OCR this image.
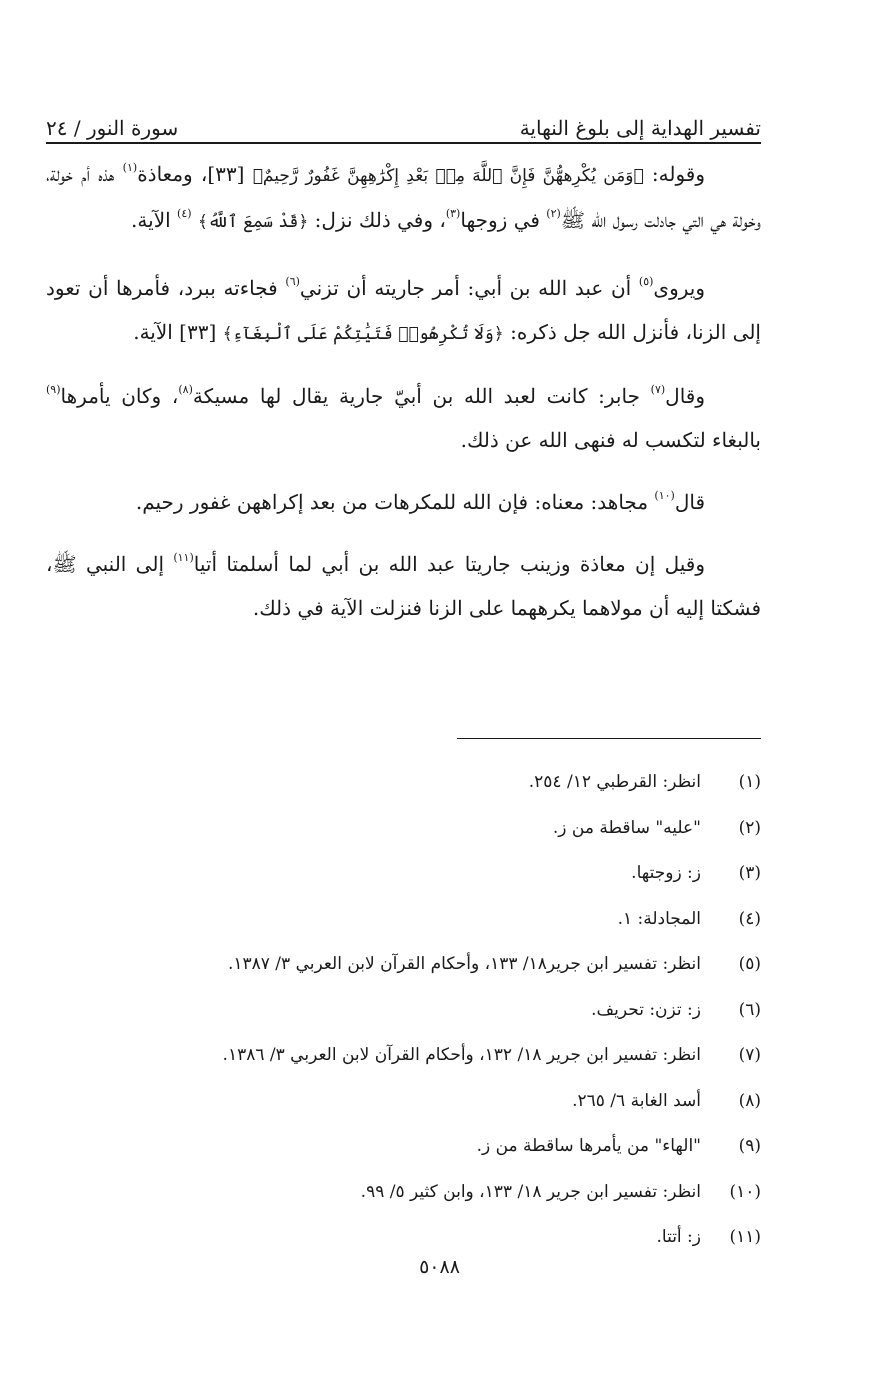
تفسير الهداية إلى بلوغ النهاية
سورة النور / ٢٤

وقوله: ﴿وَمَن يُكْرِههُّنَّ فَإِنَّ ٱللَّهَ مِنۢ بَعْدِ إِكْرَٰهِهِنَّ غَفُورٌ رَّحِيمٌ﴾ [٣٣]، ومعاذة$^{(١)}$ هذه أم خولة، وخولة هي التي جادلت رسول الله ﷺ$^{(٢)}$ في زوجها$^{(٣)}$، وفي ذلك نزل: ﴿قَدْ سَمِعَ ٱللَّهُ﴾ $^{(٤)}$ الآية.

ويروى$^{(٥)}$ أن عبد الله بن أبي: أمر جاريته أن تزني$^{(٦)}$ فجاءته ببرد، فأمرها أن تعود إلى الزنا، فأنزل الله جل ذكره: ﴿وَلَا تُكْرِهُوا۟ فَتَيَٰتِكُمْ عَلَى ٱلْبِغَآءِ﴾ [٣٣] الآية.

وقال$^{(٧)}$ جابر: كانت لعبد الله بن أبيّ جارية يقال لها مسيكة$^{(٨)}$، وكان يأمرها$^{(٩)}$ بالبغاء لتكسب له فنهى الله عن ذلك.

قال$^{(١٠)}$ مجاهد: معناه: فإن الله للمكرهات من بعد إكراههن غفور رحيم.

وقيل إن معاذة وزينب جاريتا عبد الله بن أبي لما أسلمتا أتيا$^{(١١)}$ إلى النبي ﷺ، فشكتا إليه أن مولاهما يكرههما على الزنا فنزلت الآية في ذلك.

(١)
انظر: القرطبي ١٢/ ٢٥٤.
(٢)
"عليه" ساقطة من ز.
(٣)
ز: زوجتها.
(٤)
المجادلة: ١.
(٥)
انظر: تفسير ابن جرير١٨/ ١٣٣، وأحكام القرآن لابن العربي ٣/ ١٣٨٧.
(٦)
ز: تزن: تحريف.
(٧)
انظر: تفسير ابن جرير ١٨/ ١٣٢، وأحكام القرآن لابن العربي ٣/ ١٣٨٦.
(٨)
أسد الغابة ٦/ ٢٦٥.
(٩)
"الهاء" من يأمرها ساقطة من ز.
(١٠)
انظر: تفسير ابن جرير ١٨/ ١٣٣، وابن كثير ٥/ ٩٩.
(١١)
ز: أتتا.
٥٠٨٨
